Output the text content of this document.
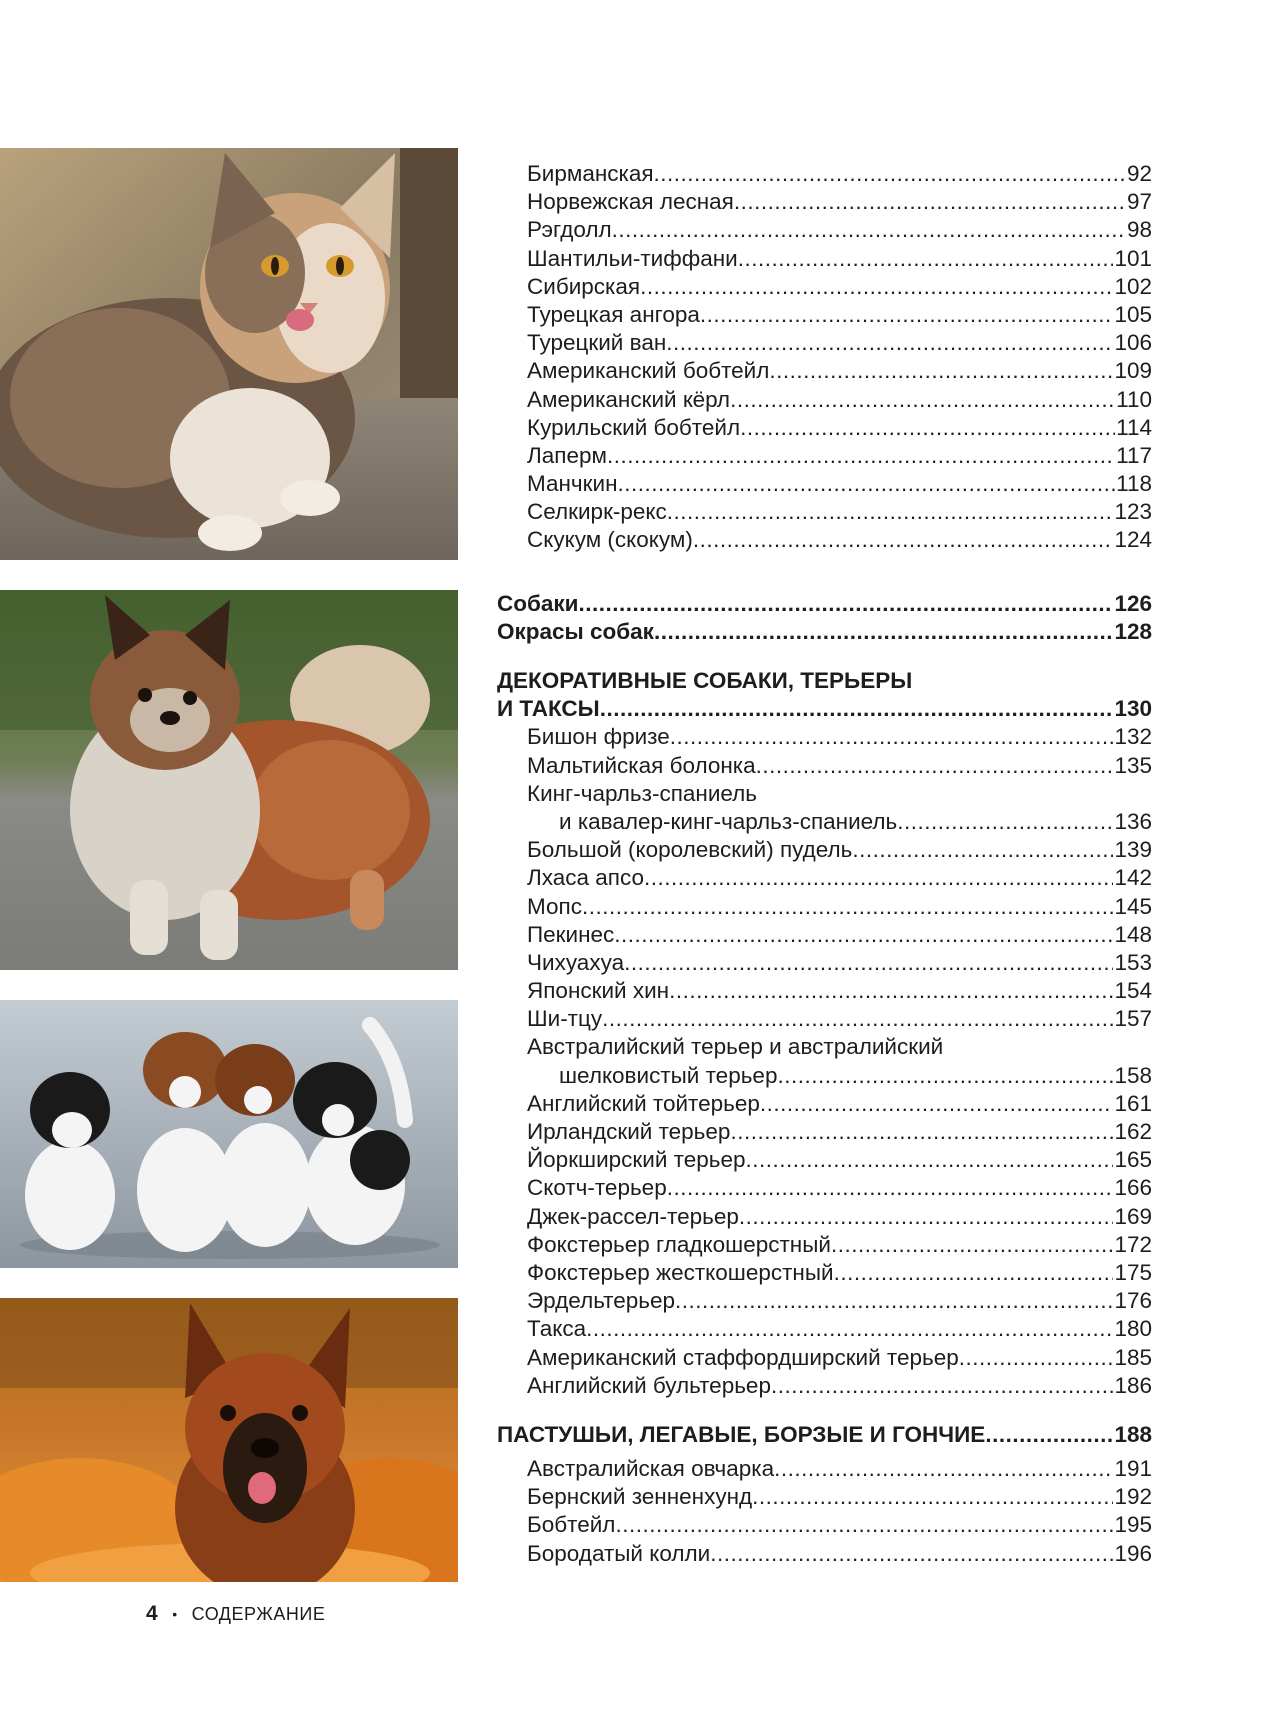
Бирманская .....	92
Норвежская лесная .....	97
Рэгдолл .....	98
Шантильи-тиффани .....	101
Сибирская .....	102
Турецкая ангора .....	105
Турецкий ван .....	106
Американский бобтейл .....	109
Американский кёрл .....	110
Курильский бобтейл .....	114
Лаперм .....	117
Манчкин .....	118
Селкирк-рекс .....	123
Скукум (скокум) .....	124
Собаки .....	126
Окрасы собак .....	128
ДЕКОРАТИВНЫЕ СОБАКИ, ТЕРЬЕРЫ
И ТАКСЫ .....	130
Бишон фризе .....	132
Мальтийская болонка .....	135
Кинг-чарльз-спаниель
и кавалер-кинг-чарльз-спаниель .....	136
Большой (королевский) пудель .....	139
Лхаса апсо .....	142
Мопс .....	145
Пекинес .....	148
Чихуахуа .....	153
Японский хин .....	154
Ши-тцу .....	157
Австралийский терьер и австралийский
шелковистый терьер .....	158
Английский тойтерьер .....	161
Ирландский терьер .....	162
Йоркширский терьер .....	165
Скотч-терьер .....	166
Джек-рассел-терьер .....	169
Фокстерьер гладкошерстный .....	172
Фокстерьер жесткошерстный .....	175
Эрдельтерьер .....	176
Такса .....	180
Американский стаффордширский терьер .....	185
Английский бультерьер .....	186
ПАСТУШЬИ, ЛЕГАВЫЕ, БОРЗЫЕ И ГОНЧИЕ .....	188
Австралийская овчарка .....	191
Бернский зенненхунд .....	192
Бобтейл .....	195
Бородатый колли .....	196
4 • СОДЕРЖАНИЕ
